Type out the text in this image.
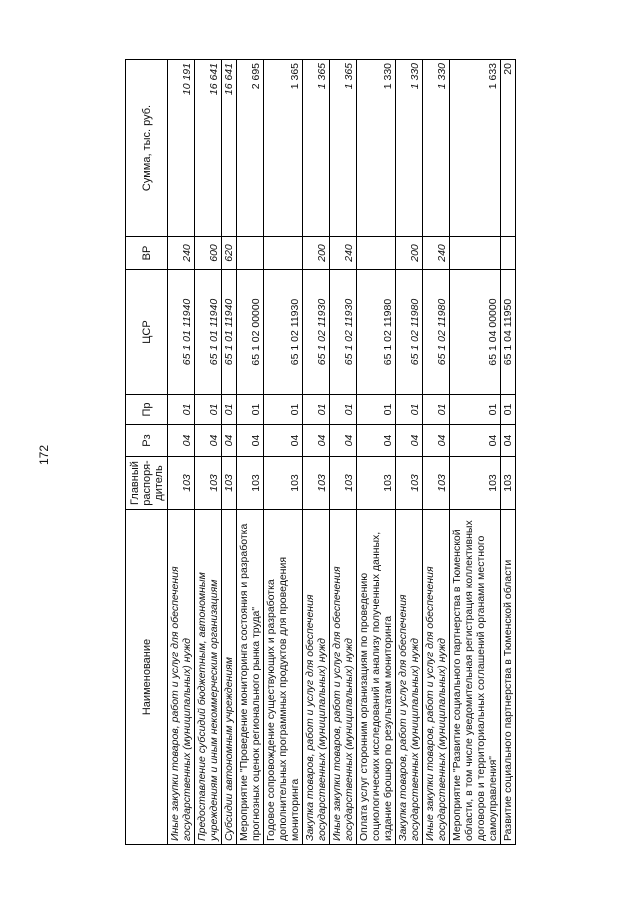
172
Наименование	Главный распоря-дитель	Рз	Пр	ЦСР	ВР	Сумма, тыс. руб.
Иные закупки товаров, работ и услуг для обеспечения государственных (муниципальных) нужд	103	04	01	65 1 01 11940	240	10 191
Предоставление субсидий бюджетным, автономным учреждениям и иным некоммерческим организациям	103	04	01	65 1 01 11940	600	16 641
Субсидии автономным учреждениям	103	04	01	65 1 01 11940	620	16 641
Мероприятие "Проведение мониторинга состояния и разработка прогнозных оценок регионального рынка труда"	103	04	01	65 1 02 00000		2 695
Годовое сопровождение существующих и разработка дополнительных программных продуктов для проведения мониторинга	103	04	01	65 1 02 11930		1 365
Закупка товаров, работ и услуг для обеспечения государственных (муниципальных) нужд	103	04	01	65 1 02 11930	200	1 365
Иные закупки товаров, работ и услуг для обеспечения государственных (муниципальных) нужд	103	04	01	65 1 02 11930	240	1 365
Оплата услуг сторонним организациям по проведению социологических исследований и анализу полученных данных, издание брошюр по результатам мониторинга	103	04	01	65 1 02 11980		1 330
Закупка товаров, работ и услуг для обеспечения государственных (муниципальных) нужд	103	04	01	65 1 02 11980	200	1 330
Иные закупки товаров, работ и услуг для обеспечения государственных (муниципальных) нужд	103	04	01	65 1 02 11980	240	1 330
Мероприятие "Развитие социального партнерства в Тюменской области, в том числе уведомительная регистрация коллективных договоров и территориальных соглашений органами местного самоуправления"	103	04	01	65 1 04 00000		1 633
Развитие социального партнерства в Тюменской области	103	04	01	65 1 04 11950		20
